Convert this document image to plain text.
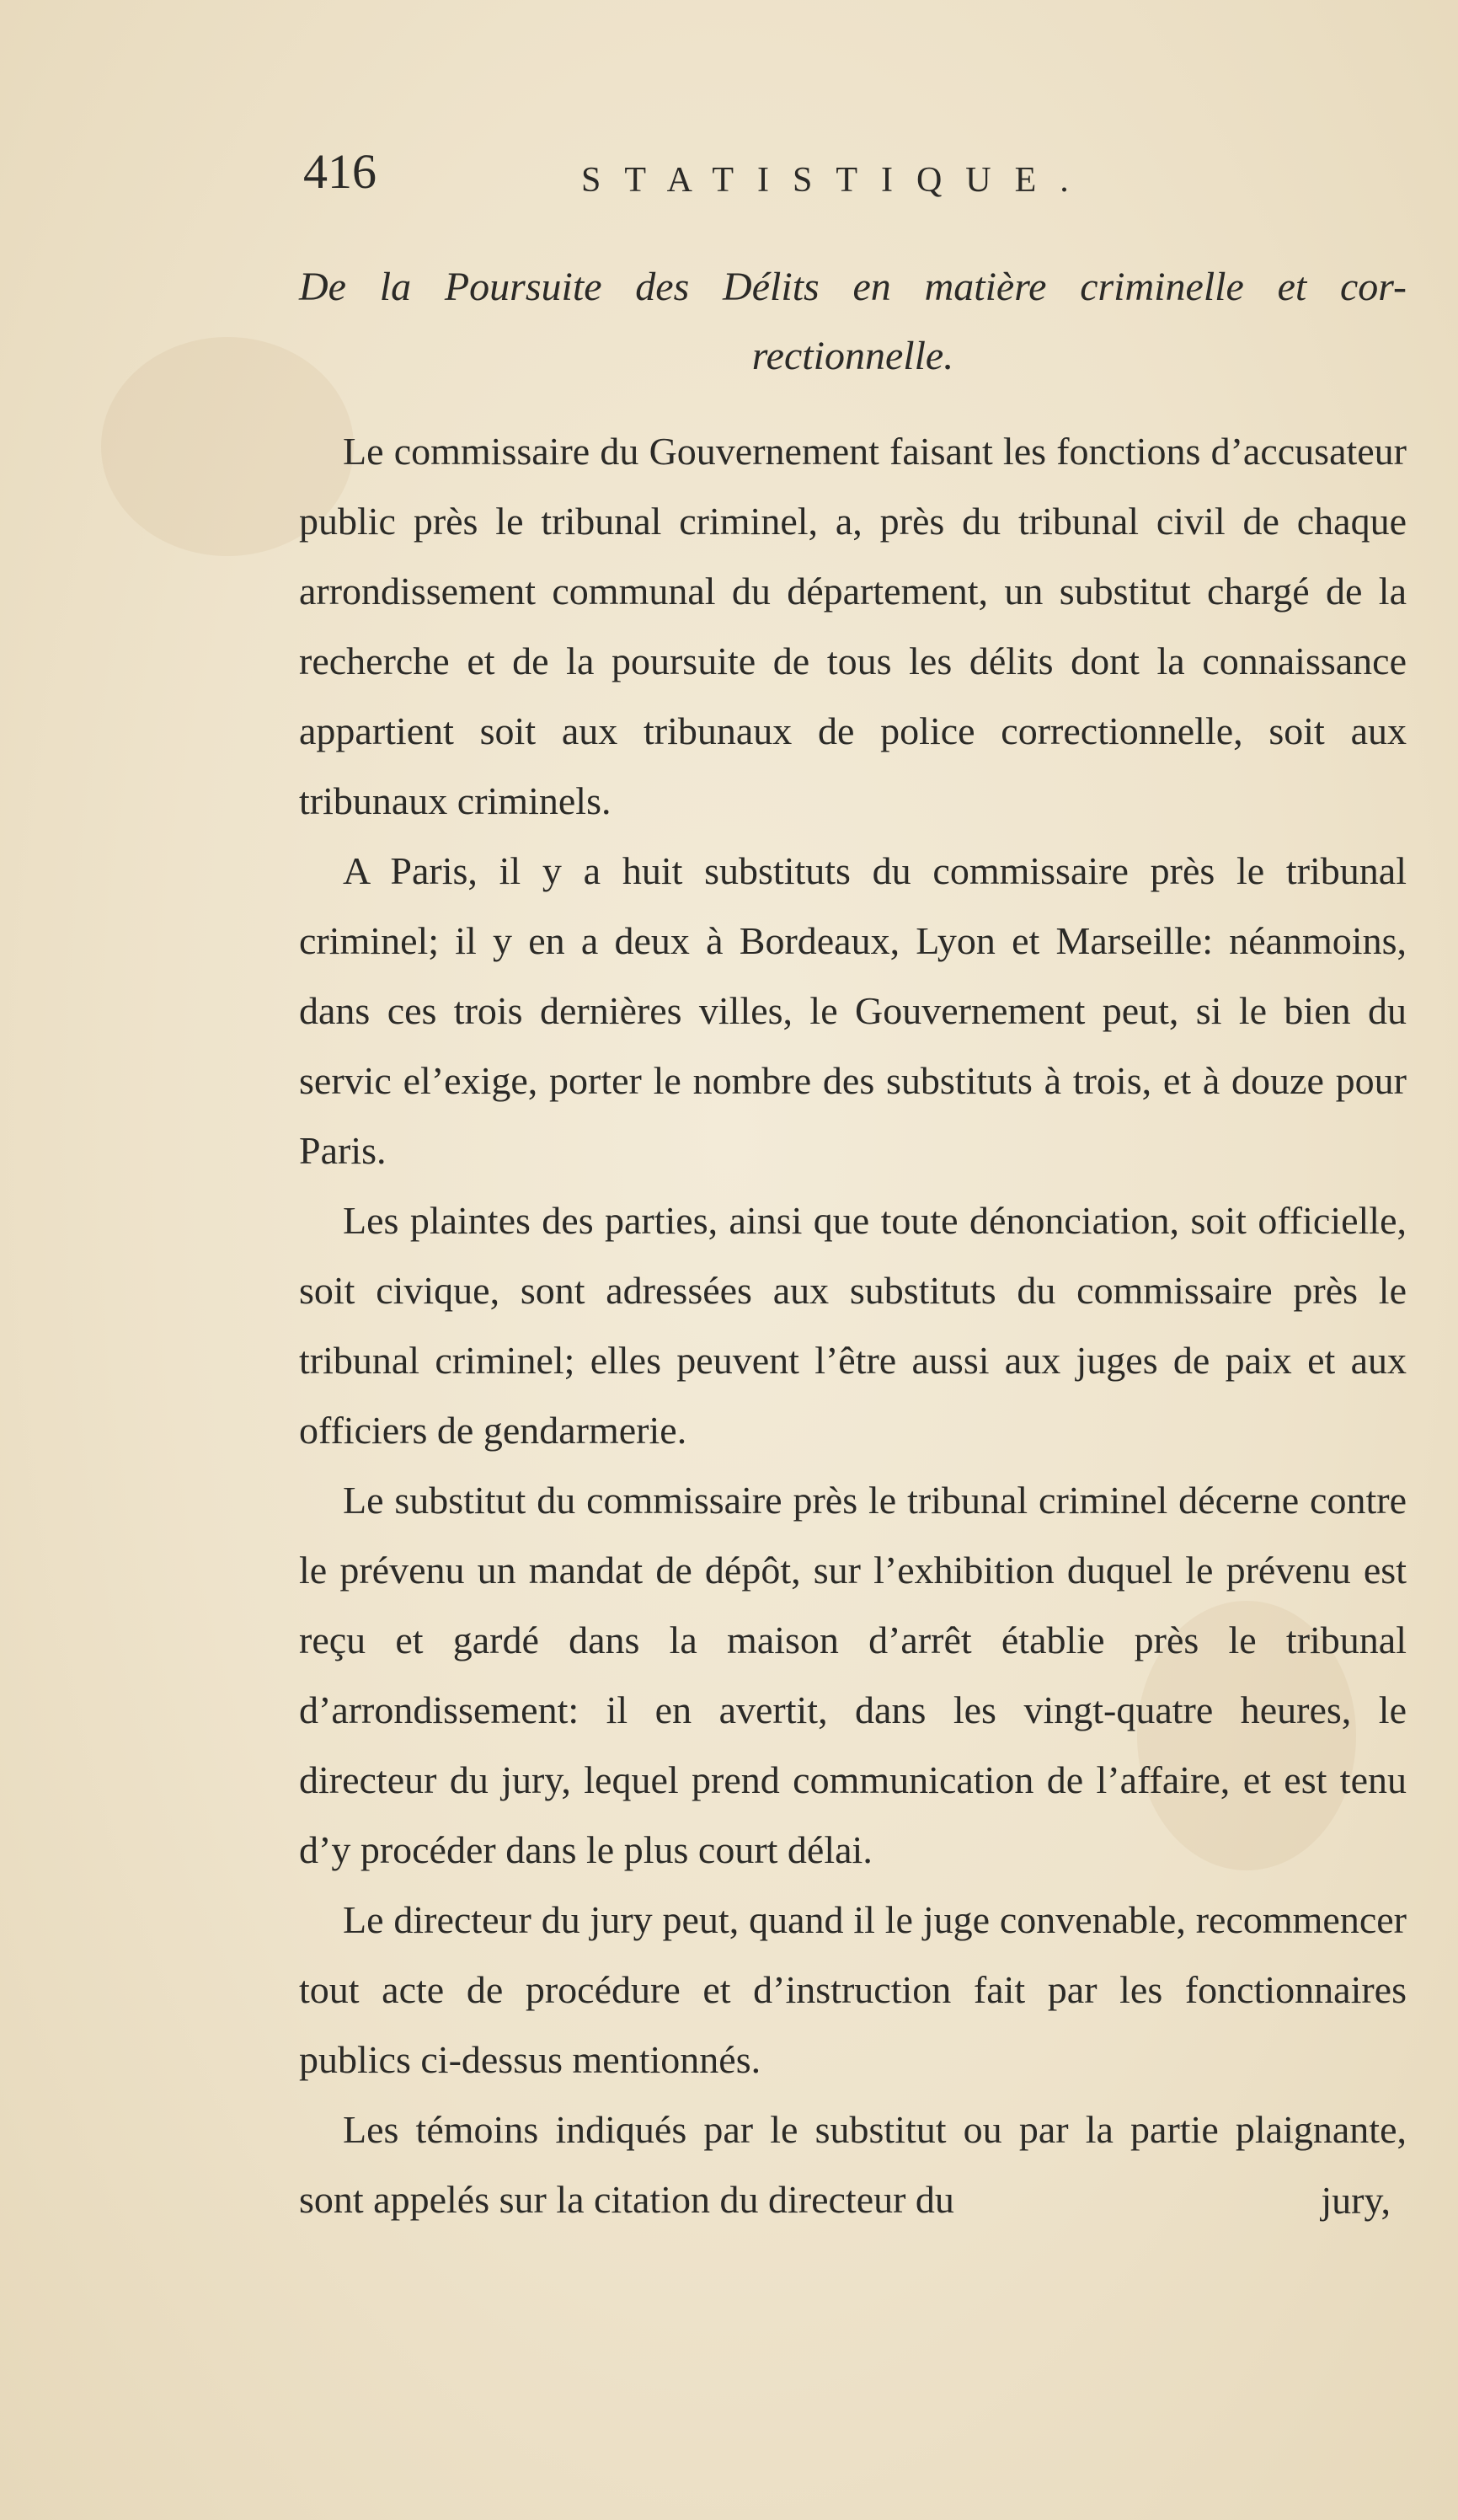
416	STATISTIQUE.
De la Poursuite des Délits en matière criminelle et cor- rectionnelle.

Le commissaire du Gouvernement faisant les fonctions d’accusateur public près le tribunal criminel, a, près du tribunal civil de chaque arrondissement communal du département, un substitut chargé de la recherche et de la poursuite de tous les délits dont la connaissance appartient soit aux tribunaux de police correctionnelle, soit aux tribunaux criminels.

A Paris, il y a huit substituts du commissaire près le tribunal criminel; il y en a deux à Bordeaux, Lyon et Marseille: néanmoins, dans ces trois dernières villes, le Gouvernement peut, si le bien du servic el’exige, porter le nombre des substituts à trois, et à douze pour Paris.

Les plaintes des parties, ainsi que toute dénonciation, soit officielle, soit civique, sont adressées aux substituts du commissaire près le tribunal criminel; elles peuvent l’être aussi aux juges de paix et aux officiers de gendarmerie.

Le substitut du commissaire près le tribunal criminel décerne contre le prévenu un mandat de dépôt, sur l’exhibition duquel le prévenu est reçu et gardé dans la maison d’arrêt établie près le tribunal d’arrondissement: il en avertit, dans les vingt-quatre heures, le directeur du jury, lequel prend communication de l’affaire, et est tenu d’y procéder dans le plus court délai.

Le directeur du jury peut, quand il le juge convenable, recommencer tout acte de procédure et d’instruction fait par les fonctionnaires publics ci-dessus mentionnés.

Les témoins indiqués par le substitut ou par la partie plaignante, sont appelés sur la citation du directeur du	jury,
